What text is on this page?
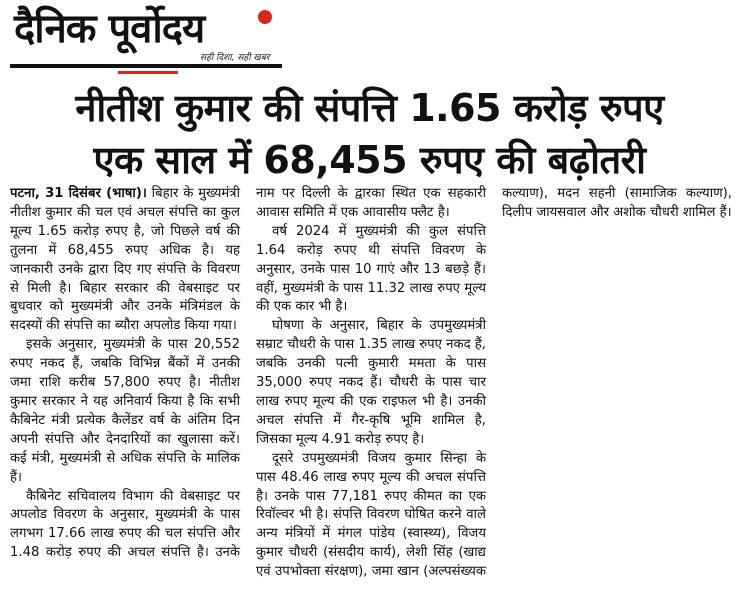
दैनिक पूर्वोदय
सही दिशा, सही खबर
नीतीश कुमार की संपत्ति 1.65 करोड़ रुपए
एक साल में 68,455 रुपए की बढ़ोतरी

पटना, 31 दिसंबर (भाषा)। बिहार के मुख्यमंत्री नीतीश कुमार की चल एवं अचल संपत्ति का कुल मूल्य 1.65 करोड़ रुपए है, जो पिछले वर्ष की तुलना में 68,455 रुपए अधिक है। यह जानकारी उनके द्वारा दिए गए संपत्ति के विवरण से मिली है। बिहार सरकार की वेबसाइट पर बुधवार को मुख्यमंत्री और उनके मंत्रिमंडल के सदस्यों की संपत्ति का ब्यौरा अपलोड किया गया।

इसके अनुसार, मुख्यमंत्री के पास 20,552 रुपए नकद हैं, जबकि विभिन्न बैंकों में उनकी जमा राशि करीब 57,800 रुपए है। नीतीश कुमार सरकार ने यह अनिवार्य किया है कि सभी कैबिनेट मंत्री प्रत्येक कैलेंडर वर्ष के अंतिम दिन अपनी संपत्ति और देनदारियों का खुलासा करें। कई मंत्री, मुख्यमंत्री से अधिक संपत्ति के मालिक हैं।

कैबिनेट सचिवालय विभाग की वेबसाइट पर अपलोड विवरण के अनुसार, मुख्यमंत्री के पास लगभग 17.66 लाख रुपए की चल संपत्ति और 1.48 करोड़ रुपए की अचल संपत्ति है। उनके नाम पर दिल्ली के द्वारका स्थित एक सहकारी आवास समिति में एक आवासीय फ्लैट है।

वर्ष 2024 में मुख्यमंत्री की कुल संपत्ति 1.64 करोड़ रुपए थी संपत्ति विवरण के अनुसार, उनके पास 10 गाएं और 13 बछड़े हैं। वहीं, मुख्यमंत्री के पास 11.32 लाख रुपए मूल्य की एक कार भी है।

घोषणा के अनुसार, बिहार के उपमुख्यमंत्री सम्राट चौधरी के पास 1.35 लाख रुपए नकद हैं, जबकि उनकी पत्नी कुमारी ममता के पास 35,000 रुपए नकद हैं। चौधरी के पास चार लाख रुपए मूल्य की एक राइफल भी है। उनकी अचल संपत्ति में गैर-कृषि भूमि शामिल है, जिसका मूल्य 4.91 करोड़ रुपए है।

दूसरे उपमुख्यमंत्री विजय कुमार सिन्हा के पास 48.46 लाख रुपए मूल्य की अचल संपत्ति है। उनके पास 77,181 रुपए कीमत का एक रिवॉल्वर भी है। संपत्ति विवरण घोषित करने वाले अन्य मंत्रियों में मंगल पांडेय (स्वास्थ्य), विजय कुमार चौधरी (संसदीय कार्य), लेशी सिंह (खाद्य एवं उपभोक्ता संरक्षण), जमा खान (अल्पसंख्यक कल्याण), मदन सहनी (सामाजिक कल्याण), दिलीप जायसवाल और अशोक चौधरी शामिल हैं।
